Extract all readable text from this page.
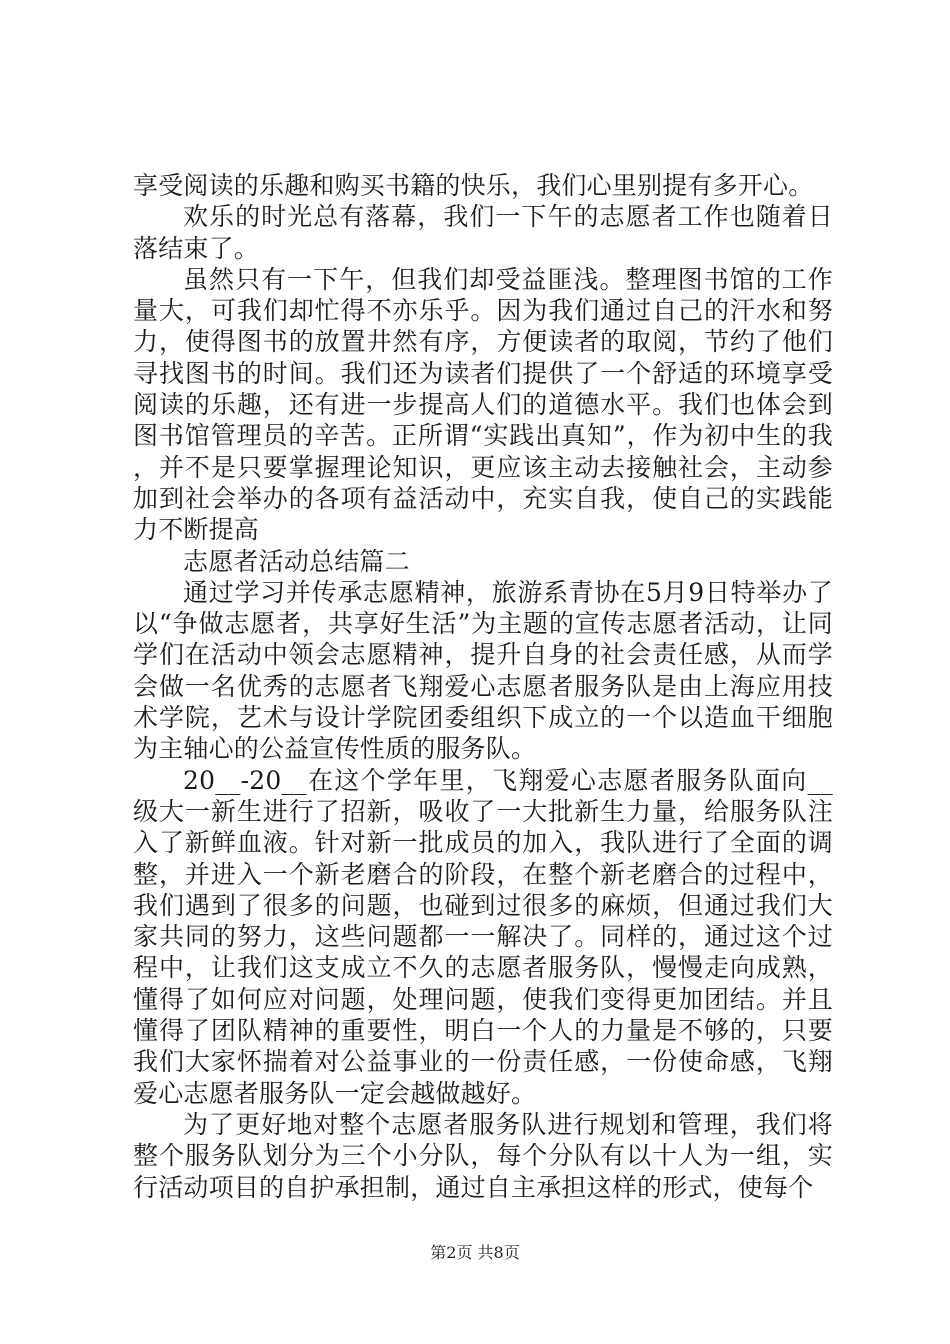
享受阅读的乐趣和购买书籍的快乐，我们心里别提有多开心。

欢乐的时光总有落幕，我们一下午的志愿者工作也随着日落结束了。

虽然只有一下午，但我们却受益匪浅。整理图书馆的工作量大，可我们却忙得不亦乐乎。因为我们通过自己的汗水和努力，使得图书的放置井然有序，方便读者的取阅，节约了他们寻找图书的时间。我们还为读者们提供了一个舒适的环境享受阅读的乐趣，还有进一步提高人们的道德水平。我们也体会到图书馆管理员的辛苦。正所谓“实践出真知”，作为初中生的我，并不是只要掌握理论知识，更应该主动去接触社会，主动参加到社会举办的各项有益活动中，充实自我，使自己的实践能力不断提高

志愿者活动总结篇二

通过学习并传承志愿精神，旅游系青协在5月9日特举办了以“争做志愿者，共享好生活”为主题的宣传志愿者活动，让同学们在活动中领会志愿精神，提升自身的社会责任感，从而学会做一名优秀的志愿者飞翔爱心志愿者服务队是由上海应用技术学院，艺术与设计学院团委组织下成立的一个以造血干细胞为主轴心的公益宣传性质的服务队。

20__-20__在这个学年里，飞翔爱心志愿者服务队面向__级大一新生进行了招新，吸收了一大批新生力量，给服务队注入了新鲜血液。针对新一批成员的加入，我队进行了全面的调整，并进入一个新老磨合的阶段，在整个新老磨合的过程中，我们遇到了很多的问题，也碰到过很多的麻烦，但通过我们大家共同的努力，这些问题都一一解决了。同样的，通过这个过程中，让我们这支成立不久的志愿者服务队，慢慢走向成熟，懂得了如何应对问题，处理问题，使我们变得更加团结。并且懂得了团队精神的重要性，明白一个人的力量是不够的，只要我们大家怀揣着对公益事业的一份责任感，一份使命感，飞翔爱心志愿者服务队一定会越做越好。

为了更好地对整个志愿者服务队进行规划和管理，我们将整个服务队划分为三个小分队，每个分队有以十人为一组，实行活动项目的自护承担制，通过自主承担这样的形式，使每个

第2页 共8页
